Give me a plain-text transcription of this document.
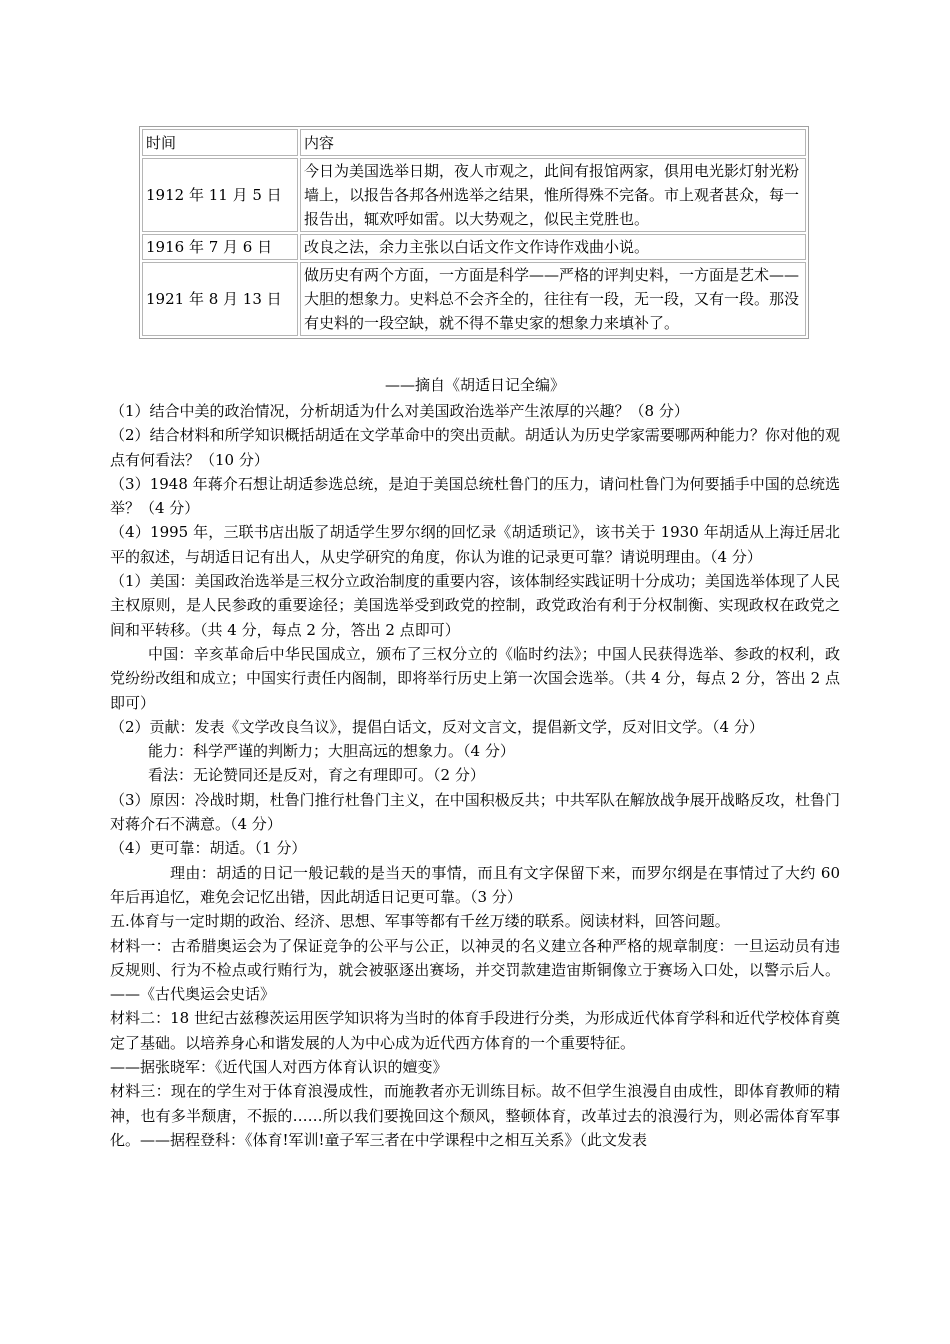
时间	内容
1912 年 11 月 5 日	今日为美国选举日期，夜人市观之，此间有报馆两家，俱用电光影灯射光粉墙上，以报告各邦各州选举之结果，惟所得殊不完备。市上观者甚众，每一报告出，辄欢呼如雷。以大势观之，似民主党胜也。
1916 年 7 月 6 日	改良之法，余力主张以白话文作文作诗作戏曲小说。
1921 年 8 月 13 日	做历史有两个方面，一方面是科学——严格的评判史料，一方面是艺术——大胆的想象力。史料总不会齐全的，往往有一段，无一段，又有一段。那没有史料的一段空缺，就不得不靠史家的想象力来填补了。
——摘自《胡适日记全编》

（1）结合中美的政治情况，分析胡适为什么对美国政治选举产生浓厚的兴趣？（8 分）

（2）结合材料和所学知识概括胡适在文学革命中的突出贡献。胡适认为历史学家需要哪两种能力？你对他的观点有何看法？（10 分）

（3）1948 年蒋介石想让胡适参选总统，是迫于美国总统杜鲁门的压力，请问杜鲁门为何要插手中国的总统选举？（4 分）

（4）1995 年，三联书店出版了胡适学生罗尔纲的回忆录《胡适琐记》，该书关于 1930 年胡适从上海迁居北平的叙述，与胡适日记有出人，从史学研究的角度，你认为谁的记录更可靠？请说明理由。（4 分）

（1）美国：美国政治选举是三权分立政治制度的重要内容，该体制经实践证明十分成功；美国选举体现了人民主权原则，是人民参政的重要途径；美国选举受到政党的控制，政党政治有利于分权制衡、实现政权在政党之间和平转移。（共 4 分，每点 2 分，答出 2 点即可）

中国：辛亥革命后中华民国成立，颁布了三权分立的《临时约法》；中国人民获得选举、参政的权利，政党纷纷改组和成立；中国实行责任内阁制，即将举行历史上第一次国会选举。（共 4 分，每点 2 分，答出 2 点即可）

（2）贡献：发表《文学改良刍议》，提倡白话文，反对文言文，提倡新文学，反对旧文学。（4 分）

能力：科学严谨的判断力；大胆高远的想象力。（4 分）

看法：无论赞同还是反对，育之有理即可。（2 分）

（3）原因：冷战时期，杜鲁门推行杜鲁门主义，在中国积极反共；中共军队在解放战争展开战略反攻，杜鲁门对蒋介石不满意。（4 分）

（4）更可靠：胡适。（1 分）

理由：胡适的日记一般记载的是当天的事情，而且有文字保留下来，而罗尔纲是在事情过了大约 60 年后再追忆，难免会记忆出错，因此胡适日记更可靠。（3 分）

五.体育与一定时期的政治、经济、思想、军事等都有千丝万缕的联系。阅读材料，回答问题。

材料一：古希腊奥运会为了保证竞争的公平与公正，以神灵的名义建立各种严格的规章制度：一旦运动员有违反规则、行为不检点或行贿行为，就会被驱逐出赛场，并交罚款建造宙斯铜像立于赛场入口处，以警示后人。——《古代奥运会史话》

材料二：18 世纪古兹穆茨运用医学知识将为当时的体育手段进行分类，为形成近代体育学科和近代学校体育奠定了基础。以培养身心和谐发展的人为中心成为近代西方体育的一个重要特征。

——据张晓军：《近代国人对西方体育认识的嬗变》

材料三：现在的学生对于体育浪漫成性，而施教者亦无训练目标。故不但学生浪漫自由成性，即体育教师的精神，也有多半颓唐，不振的……所以我们要挽回这个颓风，整顿体育，改革过去的浪漫行为，则必需体育军事化。——据程登科：《体育!军训!童子军三者在中学课程中之相互关系》（此文发表
